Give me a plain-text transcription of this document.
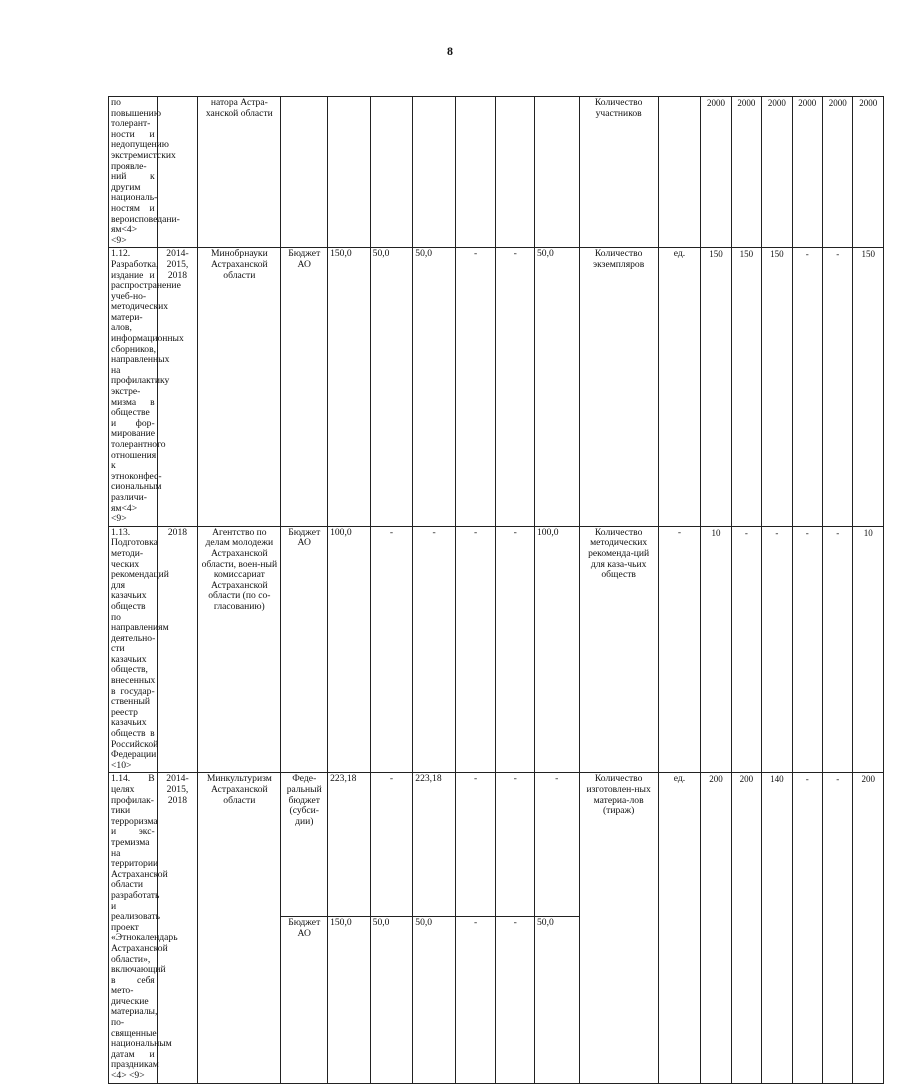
8
по повышению толерант-ности и недопущению экстремистских проявле-ний к другим националь-ностям и вероисповедани-ям<4> <9>		натора Астра-ханской области								Количество участников		2000	2000	2000	2000	2000	2000
1.12. Разработка, издание и распространение учеб-но-методических матери-алов, информационных сборников, направленных на профилактику экстре-мизма в обществе и фор-мирование толерантного отношения к этноконфес-сиональным различи-ям<4> <9>	2014-2015, 2018	Минобрнауки Астраханской области	Бюджет АО	150,0	50,0	50,0	-	-	50,0	Количество экземпляров	ед.	150	150	150	-	-	150
1.13. Подготовка методи-ческих рекомендаций для казачьих обществ по направлениям деятельно-сти казачьих обществ, внесенных в государ-ственный реестр казачьих обществ в Российской Федерации <10>	2018	Агентство по делам молодежи Астраханской области, воен-ный комиссариат Астраханской области (по со-гласованию)	Бюджет АО	100,0	-	-	-	-	100,0	Количество методических рекоменда-ций для каза-чьих обществ	-	10	-	-	-	-	10
1.14. В целях профилак-тики терроризма и экс-тремизма на территории Астраханской области разработать и реализовать проект «Этнокалендарь Астраханской области», включающий в себя мето-дические материалы, по-священные национальным датам и праздникам <4> <9>	2014-2015, 2018	Минкультуризм Астраханской области	Феде-ральный бюджет (субси-дии)	223,18	-	223,18	-	-	-	Количество изготовлен-ных материа-лов (тираж)	ед.	200	200	140	-	-	200
			Бюджет АО	150,0	50,0	50,0	-	-	50,0								
